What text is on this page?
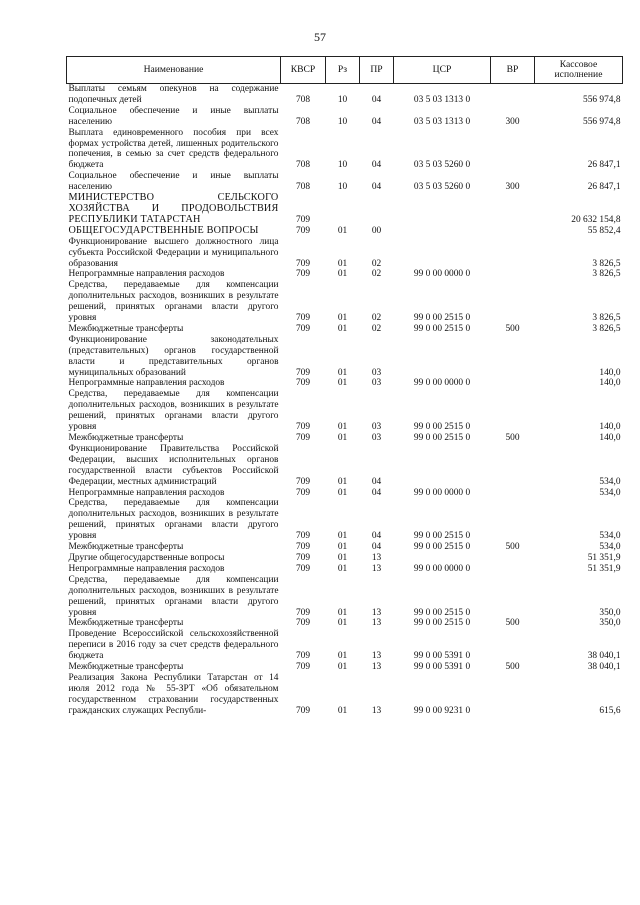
57
Наименование	КВСР	Рз	ПР	ЦСР	ВР	Кассовое исполнение
Выплаты семьям опекунов на содержание подопечных детей	708	10	04	03 5 03 1313 0		556 974,8
Социальное обеспечение и иные выплаты населению	708	10	04	03 5 03 1313 0	300	556 974,8
Выплата единовременного пособия при всех формах устройства детей, лишенных родительского попечения, в семью за счет средств федерального бюджета	708	10	04	03 5 03 5260 0		26 847,1
Социальное обеспечение и иные выплаты населению	708	10	04	03 5 03 5260 0	300	26 847,1
МИНИСТЕРСТВО СЕЛЬСКОГО ХОЗЯЙСТВА И ПРОДОВОЛЬСТВИЯ РЕСПУБЛИКИ ТАТАРСТАН	709					20 632 154,8
ОБЩЕГОСУДАРСТВЕННЫЕ ВОПРОСЫ	709	01	00			55 852,4
Функционирование высшего должностного лица субъекта Российской Федерации и муниципального образования	709	01	02			3 826,5
Непрограммные направления расходов	709	01	02	99 0 00 0000 0		3 826,5
Средства, передаваемые для компенсации дополнительных расходов, возникших в результате решений, принятых органами власти другого уровня	709	01	02	99 0 00 2515 0		3 826,5
Межбюджетные трансферты	709	01	02	99 0 00 2515 0	500	3 826,5
Функционирование законодательных (представительных) органов государственной власти и представительных органов муниципальных образований	709	01	03			140,0
Непрограммные направления расходов	709	01	03	99 0 00 0000 0		140,0
Средства, передаваемые для компенсации дополнительных расходов, возникших в результате решений, принятых органами власти другого уровня	709	01	03	99 0 00 2515 0		140,0
Межбюджетные трансферты	709	01	03	99 0 00 2515 0	500	140,0
Функционирование Правительства Российской Федерации, высших исполнительных органов государственной власти субъектов Российской Федерации, местных администраций	709	01	04			534,0
Непрограммные направления расходов	709	01	04	99 0 00 0000 0		534,0
Средства, передаваемые для компенсации дополнительных расходов, возникших в результате решений, принятых органами власти другого уровня	709	01	04	99 0 00 2515 0		534,0
Межбюджетные трансферты	709	01	04	99 0 00 2515 0	500	534,0
Другие общегосударственные вопросы	709	01	13			51 351,9
Непрограммные направления расходов	709	01	13	99 0 00 0000 0		51 351,9
Средства, передаваемые для компенсации дополнительных расходов, возникших в результате решений, принятых органами власти другого уровня	709	01	13	99 0 00 2515 0		350,0
Межбюджетные трансферты	709	01	13	99 0 00 2515 0	500	350,0
Проведение Всероссийской сельскохозяйственной переписи в 2016 году за счет средств федерального бюджета	709	01	13	99 0 00 5391 0		38 040,1
Межбюджетные трансферты	709	01	13	99 0 00 5391 0	500	38 040,1
Реализация Закона Республики Татарстан от 14 июля 2012 года № 55-ЗРТ «Об обязательном государственном страховании государственных гражданских служащих Республи-	709	01	13	99 0 00 9231 0		615,6
